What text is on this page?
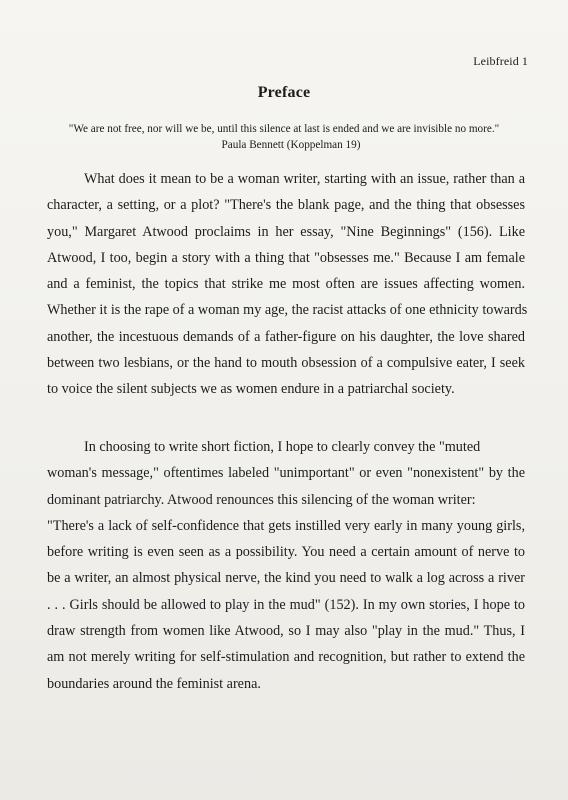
Leibfreid 1
Preface
"We are not free, nor will we be, until this silence at last is ended and we are invisible no more."
Paula Bennett (Koppelman 19)
What does it mean to be a woman writer, starting with an issue, rather than a
character, a setting, or a plot? "There's the blank page, and the thing that obsesses
you," Margaret Atwood proclaims in her essay, "Nine Beginnings" (156). Like
Atwood, I too, begin a story with a thing that "obsesses me." Because I am female
and a feminist, the topics that strike me most often are issues affecting women.
Whether it is the rape of a woman my age, the racist attacks of one ethnicity towards
another, the incestuous demands of a father-figure on his daughter, the love shared
between two lesbians, or the hand to mouth obsession of a compulsive eater, I seek
to voice the silent subjects we as women endure in a patriarchal society.
In choosing to write short fiction, I hope to clearly convey the "muted
woman's message," oftentimes labeled "unimportant" or even "nonexistent" by the
dominant patriarchy. Atwood renounces this silencing of the woman writer:
"There's a lack of self-confidence that gets instilled very early in many young girls,
before writing is even seen as a possibility. You need a certain amount of nerve to
be a writer, an almost physical nerve, the kind you need to walk a log across a river
. . . Girls should be allowed to play in the mud" (152). In my own stories, I hope to
draw strength from women like Atwood, so I may also "play in the mud." Thus, I
am not merely writing for self-stimulation and recognition, but rather to extend the
boundaries around the feminist arena.
